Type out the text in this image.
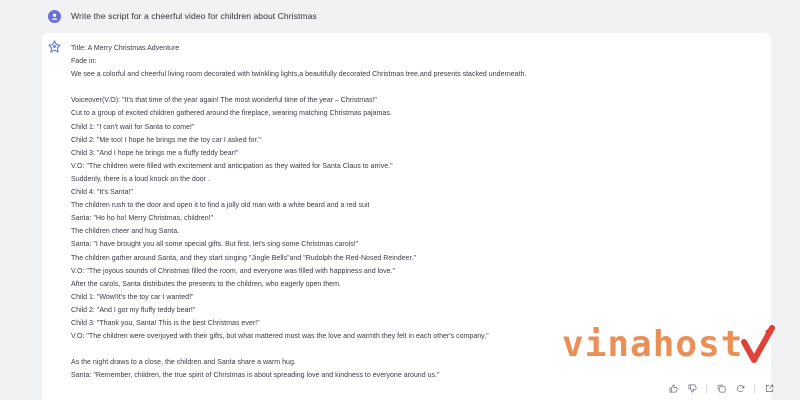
Write the script for a cheerful video for children about Christmas
Title: A Merry Christmas Adventure
Fade in:
We see a colorful and cheerful living room decorated with twinkling lights,a beautifully decorated Christmas tree,and presents stacked underneath.
Voiceover(V.O): "It's that time of the year again! The most wonderful time of the year – Christmas!"
Cut to a group of excited children gathered around the fireplace, wearing matching Christmas pajamas.
Child 1: "I can't wait for Santa to come!"
Child 2: "Me too! I hope he brings me the toy car I asked for."
Child 3: "And I hope he brings me a fluffy teddy bear!"
V.O: "The children were filled with excitement and anticipation as they waited for Santa Claus to arrive."
Suddenly, there is a loud knock on the door .
Child 4: "It's Santa!"
The children rush to the door and open it to find a jolly old man with a white beard and a red suit
Santa: "Ho ho ho! Merry Christmas, children!"
The children cheer and hug Santa.
Santa: "I have brought you all some special gifts. But first, let's sing some Christmas carols!"
The children gather around Santa, and they start singing "Jingle Bells"and "Rudolph the Red-Nosed Reindeer."
V.O: "The joyous sounds of Christmas filled the room, and everyone was filled with happiness and love."
After the carols, Santa distributes the presents to the children, who eagerly open them.
Child 1: "Wow!It's the toy car I wanted!"
Child 2: "And I got my fluffy teddy bear!"
Child 3: "Thank you, Santa! This is the best Christmas ever!"
V.O: "The children were overjoyed with their gifts, but what mattered most was the love and warmth they felt in each other's company."
As the night draws to a close, the children and Santa share a warm hug.
Santa: "Remember, children, the true spirit of Christmas is about spreading love and kindness to everyone around us."
vinahost
